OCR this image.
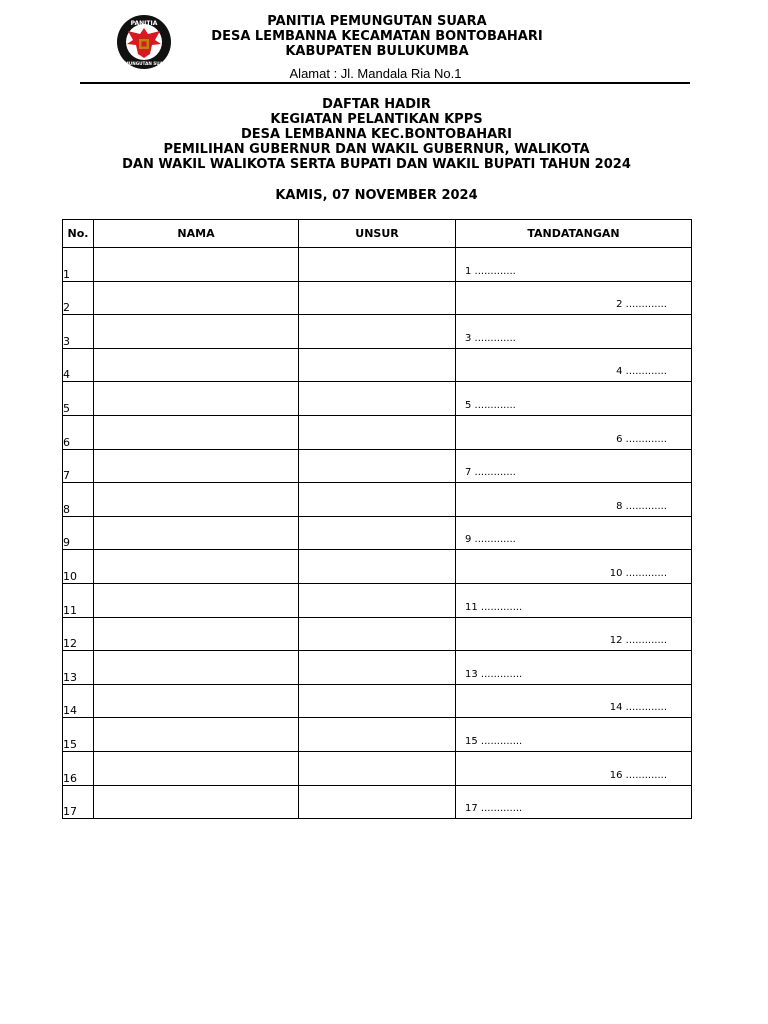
PANITIA
PEMUNGUTAN SUARA
PANITIA PEMUNGUTAN SUARA
DESA LEMBANNA KECAMATAN BONTOBAHARI
KABUPATEN BULUKUMBA
Alamat : Jl. Mandala Ria No.1
DAFTAR HADIR
KEGIATAN PELANTIKAN KPPS
DESA LEMBANNA KEC.BONTOBAHARI
PEMILIHAN GUBERNUR DAN WAKIL GUBERNUR, WALIKOTA
DAN WAKIL WALIKOTA SERTA BUPATI DAN WAKIL BUPATI TAHUN 2024
KAMIS, 07 NOVEMBER 2024
No.	NAMA	UNSUR	TANDATANGAN
1			1 .............

2			2 .............

3			3 .............

4			4 .............

5			5 .............

6			6 .............

7			7 .............

8			8 .............

9			9 .............

10			10 .............

11			11 .............

12			12 .............

13			13 .............

14			14 .............

15			15 .............

16			16 .............

17			17 .............
